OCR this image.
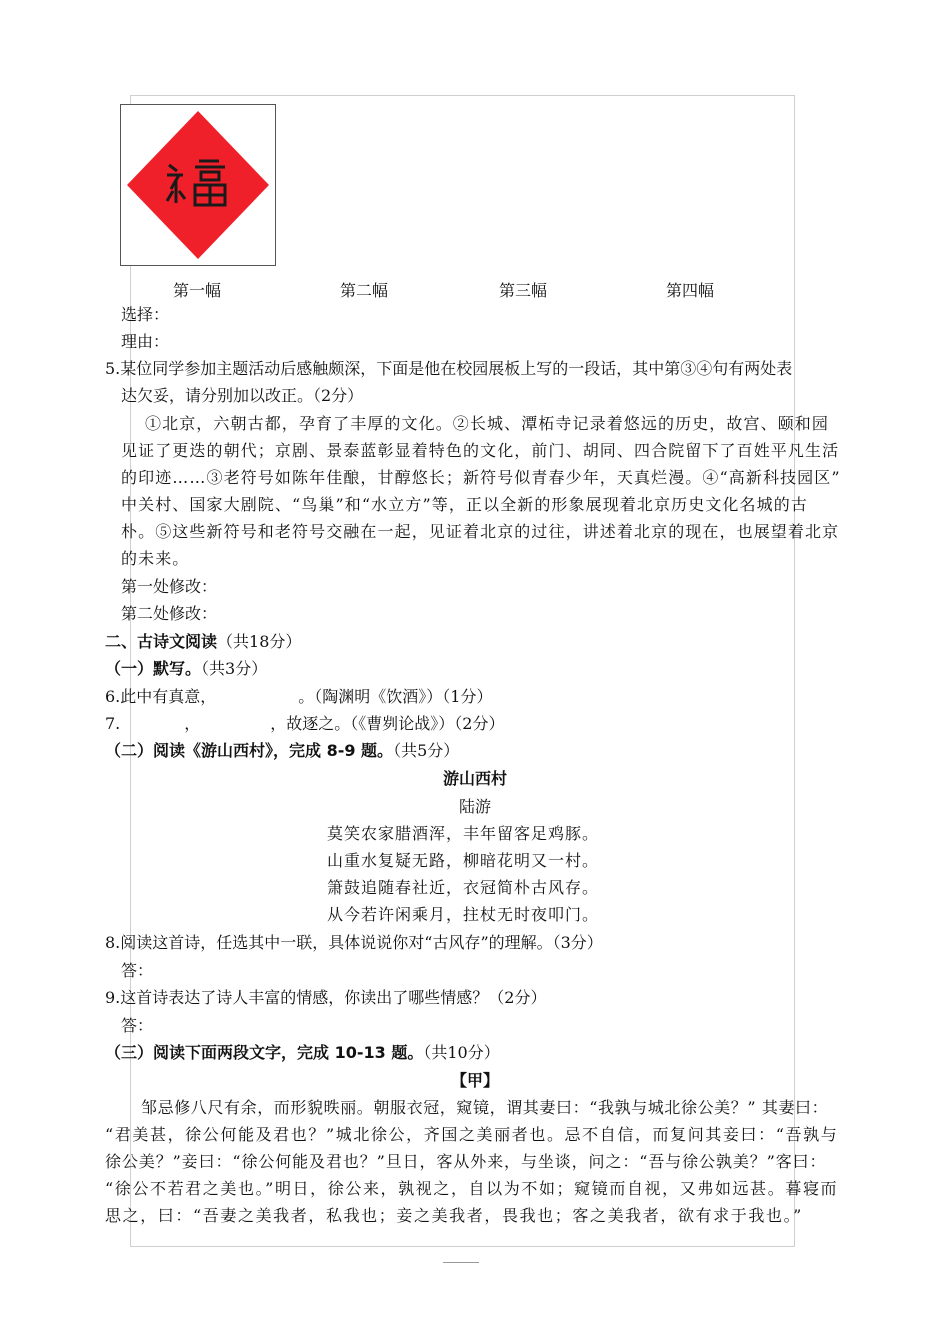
第一幅	第二幅	第三幅	第四幅
选择：
理由：
5.某位同学参加主题活动后感触颇深，下面是他在校园展板上写的一段话，其中第③④句有两处表
达欠妥，请分别加以改正。（2分）
①北京，六朝古都，孕育了丰厚的文化。②长城、潭柘寺记录着悠远的历史，故宫、颐和园
见证了更迭的朝代；京剧、景泰蓝彰显着特色的文化，前门、胡同、四合院留下了百姓平凡生活
的印迹……③老符号如陈年佳酿，甘醇悠长；新符号似青春少年，天真烂漫。④“高新科技园区”
中关村、国家大剧院、“鸟巢”和“水立方”等，正以全新的形象展现着北京历史文化名城的古
朴。⑤这些新符号和老符号交融在一起，见证着北京的过往，讲述着北京的现在，也展望着北京
的未来。
第一处修改：
第二处修改：
二、古诗文阅读（共18分）
（一）默写。（共3分）
6.此中有真意，	。（陶渊明《饮酒》）（1分）
7.	，	，故逐之。（《曹刿论战》）（2分）
（二）阅读《游山西村》，完成 8-9 题。（共5分）
游山西村
陆游
莫笑农家腊酒浑，丰年留客足鸡豚。
山重水复疑无路，柳暗花明又一村。
箫鼓追随春社近，衣冠简朴古风存。
从今若许闲乘月，拄杖无时夜叩门。
8.阅读这首诗，任选其中一联，具体说说你对“古风存”的理解。（3分）
答：
9.这首诗表达了诗人丰富的情感，你读出了哪些情感？（2分）
答：
（三）阅读下面两段文字，完成 10-13 题。（共10分）
【甲】
邹忌修八尺有余，而形貌昳丽。朝服衣冠，窥镜，谓其妻曰：“我孰与城北徐公美？” 其妻曰：
“君美甚，徐公何能及君也？”城北徐公，齐国之美丽者也。忌不自信，而复问其妾曰：“吾孰与
徐公美？”妾曰：“徐公何能及君也？”旦日，客从外来，与坐谈，问之：“吾与徐公孰美？”客曰：
“徐公不若君之美也。”明日，徐公来，孰视之，自以为不如；窥镜而自视，又弗如远甚。暮寝而
思之，曰：“吾妻之美我者，私我也；妾之美我者，畏我也；客之美我者，欲有求于我也。”
